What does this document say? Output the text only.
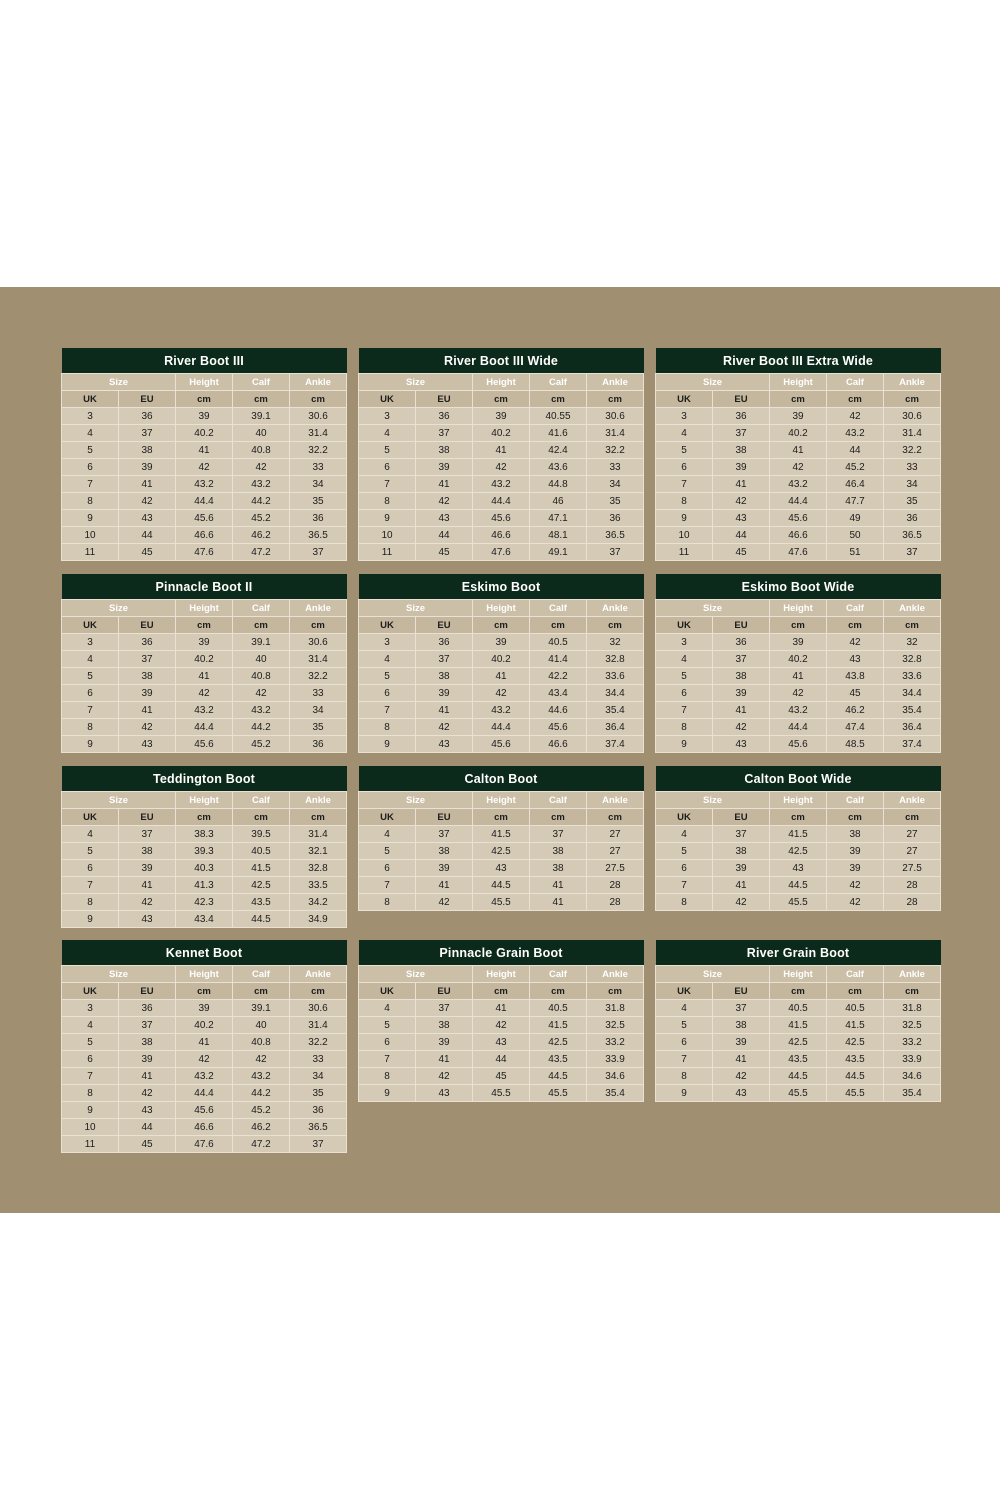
River Boot III				
Size		Height	Calf	Ankle
UK	EU	cm	cm	cm
3	36	39	39.1	30.6
4	37	40.2	40	31.4
5	38	41	40.8	32.2
6	39	42	42	33
7	41	43.2	43.2	34
8	42	44.4	44.2	35
9	43	45.6	45.2	36
10	44	46.6	46.2	36.5
11	45	47.6	47.2	37
River Boot III Wide				
Size		Height	Calf	Ankle
UK	EU	cm	cm	cm
3	36	39	40.55	30.6
4	37	40.2	41.6	31.4
5	38	41	42.4	32.2
6	39	42	43.6	33
7	41	43.2	44.8	34
8	42	44.4	46	35
9	43	45.6	47.1	36
10	44	46.6	48.1	36.5
11	45	47.6	49.1	37
River Boot III Extra Wide				
Size		Height	Calf	Ankle
UK	EU	cm	cm	cm
3	36	39	42	30.6
4	37	40.2	43.2	31.4
5	38	41	44	32.2
6	39	42	45.2	33
7	41	43.2	46.4	34
8	42	44.4	47.7	35
9	43	45.6	49	36
10	44	46.6	50	36.5
11	45	47.6	51	37
Pinnacle Boot II				
Size		Height	Calf	Ankle
UK	EU	cm	cm	cm
3	36	39	39.1	30.6
4	37	40.2	40	31.4
5	38	41	40.8	32.2
6	39	42	42	33
7	41	43.2	43.2	34
8	42	44.4	44.2	35
9	43	45.6	45.2	36
Eskimo Boot				
Size		Height	Calf	Ankle
UK	EU	cm	cm	cm
3	36	39	40.5	32
4	37	40.2	41.4	32.8
5	38	41	42.2	33.6
6	39	42	43.4	34.4
7	41	43.2	44.6	35.4
8	42	44.4	45.6	36.4
9	43	45.6	46.6	37.4
Eskimo Boot Wide				
Size		Height	Calf	Ankle
UK	EU	cm	cm	cm
3	36	39	42	32
4	37	40.2	43	32.8
5	38	41	43.8	33.6
6	39	42	45	34.4
7	41	43.2	46.2	35.4
8	42	44.4	47.4	36.4
9	43	45.6	48.5	37.4
Teddington Boot				
Size		Height	Calf	Ankle
UK	EU	cm	cm	cm
4	37	38.3	39.5	31.4
5	38	39.3	40.5	32.1
6	39	40.3	41.5	32.8
7	41	41.3	42.5	33.5
8	42	42.3	43.5	34.2
9	43	43.4	44.5	34.9
Calton Boot				
Size		Height	Calf	Ankle
UK	EU	cm	cm	cm
4	37	41.5	37	27
5	38	42.5	38	27
6	39	43	38	27.5
7	41	44.5	41	28
8	42	45.5	41	28
Calton Boot Wide				
Size		Height	Calf	Ankle
UK	EU	cm	cm	cm
4	37	41.5	38	27
5	38	42.5	39	27
6	39	43	39	27.5
7	41	44.5	42	28
8	42	45.5	42	28
Kennet Boot				
Size		Height	Calf	Ankle
UK	EU	cm	cm	cm
3	36	39	39.1	30.6
4	37	40.2	40	31.4
5	38	41	40.8	32.2
6	39	42	42	33
7	41	43.2	43.2	34
8	42	44.4	44.2	35
9	43	45.6	45.2	36
10	44	46.6	46.2	36.5
11	45	47.6	47.2	37
Pinnacle Grain Boot				
Size		Height	Calf	Ankle
UK	EU	cm	cm	cm
4	37	41	40.5	31.8
5	38	42	41.5	32.5
6	39	43	42.5	33.2
7	41	44	43.5	33.9
8	42	45	44.5	34.6
9	43	45.5	45.5	35.4
River Grain Boot				
Size		Height	Calf	Ankle
UK	EU	cm	cm	cm
4	37	40.5	40.5	31.8
5	38	41.5	41.5	32.5
6	39	42.5	42.5	33.2
7	41	43.5	43.5	33.9
8	42	44.5	44.5	34.6
9	43	45.5	45.5	35.4
